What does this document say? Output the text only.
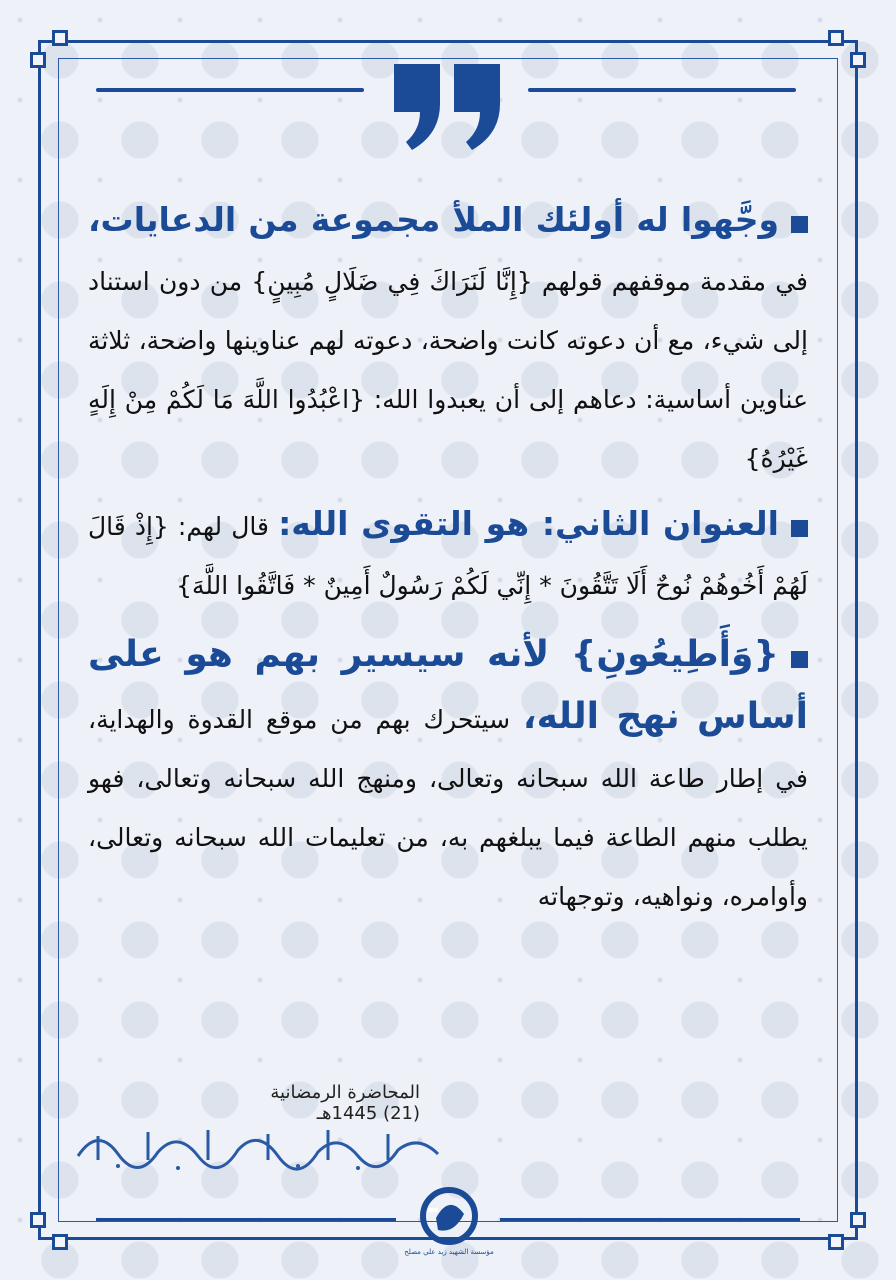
وجَّهوا له أولئك الملأ مجموعة من الدعايات، في مقدمة موقفهم قولهم {إِنَّا لَنَرَاكَ فِي ضَلَالٍ مُبِينٍ} من دون استناد إلى شيء، مع أن دعوته كانت واضحة، دعوته لهم عناوينها واضحة، ثلاثة عناوين أساسية: دعاهم إلى أن يعبدوا الله: {اعْبُدُوا اللَّهَ مَا لَكُمْ مِنْ إِلَهٍ غَيْرُهُ}

العنوان الثاني: هو التقوى الله: قال لهم: {إِذْ قَالَ لَهُمْ أَخُوهُمْ نُوحٌ أَلَا تَتَّقُونَ * إِنِّي لَكُمْ رَسُولٌ أَمِينٌ * فَاتَّقُوا اللَّهَ}

{وَأَطِيعُونِ} لأنه سيسير بهم هو على أساس نهج الله، سيتحرك بهم من موقع القدوة والهداية، في إطار طاعة الله سبحانه وتعالى، ومنهج الله سبحانه وتعالى، فهو يطلب منهم الطاعة فيما يبلغهم به، من تعليمات الله سبحانه وتعالى، وأوامره، ونواهيه، وتوجهاته

المحاضرة الرمضانية (21) 1445هـ
مؤسسة الشهيد زيد علي مصلح
